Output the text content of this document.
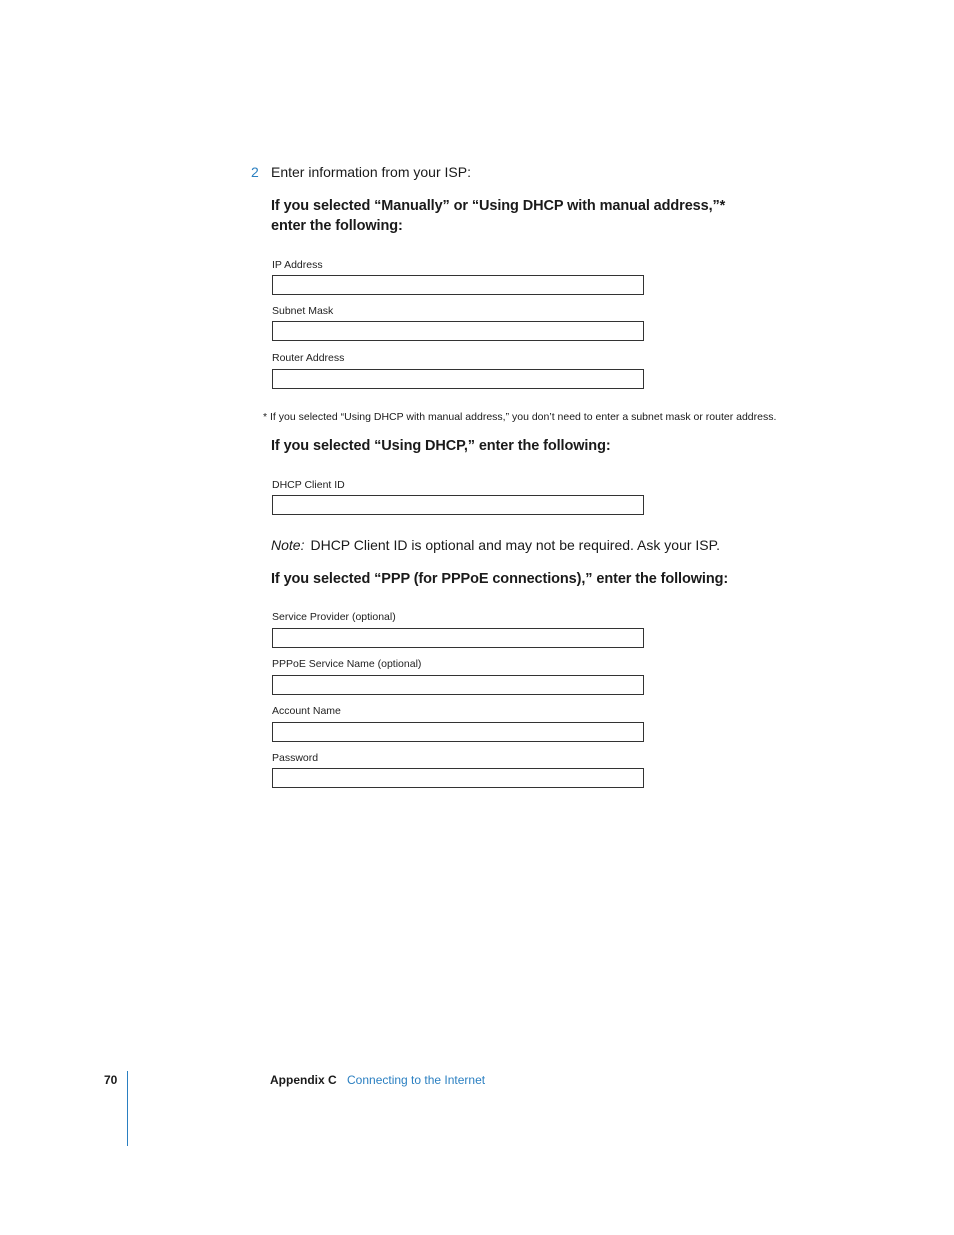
2 Enter information from your ISP:
If you selected “Manually” or “Using DHCP with manual address,”*
enter the following:
IP Address
Subnet Mask
Router Address
* If you selected “Using DHCP with manual address,” you don’t need to enter a subnet mask or router address.
If you selected “Using DHCP,” enter the following:
DHCP Client ID
Note: DHCP Client ID is optional and may not be required. Ask your ISP.
If you selected “PPP (for PPPoE connections),” enter the following:
Service Provider (optional)
PPPoE Service Name (optional)
Account Name
Password
70	Appendix C Connecting to the Internet
